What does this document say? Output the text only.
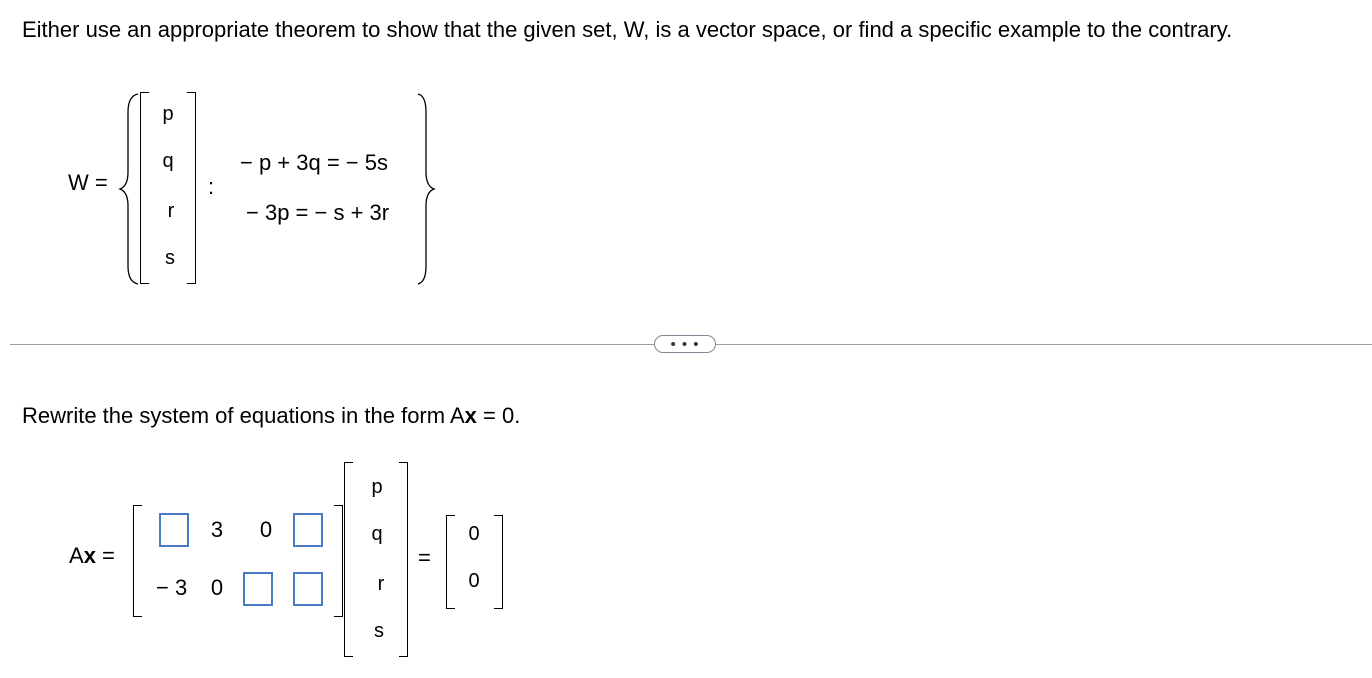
Either use an appropriate theorem to show that the given set, W, is a vector space, or find a specific example to the contrary.
W =
p
q
r
s
:
− p + 3q = − 5s
− 3p = − s + 3r
• • •
Rewrite the system of equations in the form Ax = 0.
Ax =
3 0
− 3 0
p
q
r
s
=
0
0
